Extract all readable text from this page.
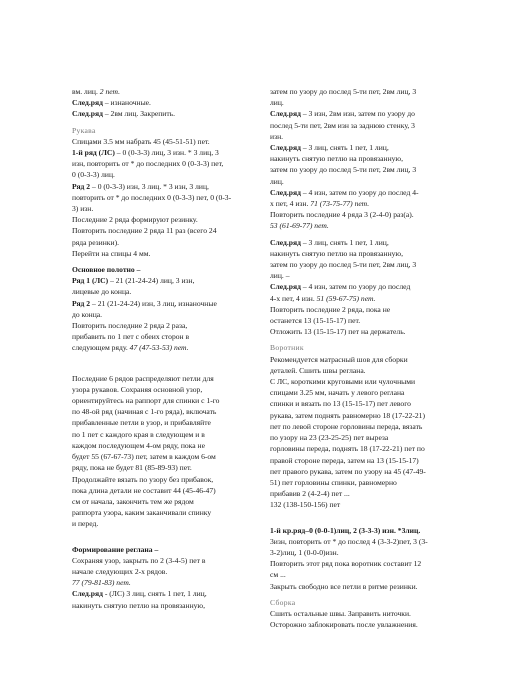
вм. лиц. 2 пет.
След.ряд – изнаночные.
След.ряд – 2вм лиц. Закрепить.
Рукава
Спицами 3.5 мм набрать 45 (45-51-51) пет.
1-й ряд (ЛС) – 0 (0-3-3) лиц, 3 изн. * 3 лиц, 3
изн, повторить от * до последних 0 (0-3-3) пет,
0 (0-3-3) лиц.
Ряд 2 – 0 (0-3-3) изн, 3 лиц. * 3 изн, 3 лиц,
повторить от * до последних 0 (0-3-3) пет, 0 (0-3-
3) изн.
Последние 2 ряда формируют резинку.
Повторить последние 2 ряда 11 раз (всего 24
ряда резинки).
Перейти на спицы 4 мм.
Основное полотно –
Ряд 1 (ЛС) – 21 (21-24-24) лиц, 3 изн,
лицевые до конца.
Ряд 2 – 21 (21-24-24) изн, 3 лиц, изнаночные
до конца.
Повторить последние 2 ряда 2 раза,
прибавить по 1 пет с обеих сторон в
следующем ряду. 47 (47-53-53) пет.
Последние 6 рядов распределяют петли для
узора рукавов. Сохраняя основной узор,
ориентируйтесь на раппорт для спинки с 1-го
по 48-ой ряд (начиная с 1-го ряда), включать
прибавленные петли в узор, и прибавляйте
по 1 пет с каждого края в следующем и в
каждом последующем 4-ом ряду, пока не
будет 55 (67-67-73) пет, затем в каждом 6-ом
ряду, пока не будет 81 (85-89-93) пет.
Продолжайте вязать по узору без прибавок,
пока длина детали не составит 44 (45-46-47)
см от начала, закончить тем же рядом
раппорта узора, каким заканчивали спинку
и перед.
Формирование реглана –
Сохраняя узор, закрыть по 2 (3-4-5) пет в
начале следующих 2-х рядов.
77 (79-81-83) пет.
След.ряд - (ЛС) 3 лиц, снять 1 пет, 1 лиц,
накинуть снятую петлю на провязанную,
затем по узору до послед 5-ти пет, 2вм лиц, 3
лиц.
След.ряд – 3 изн, 2вм изн, затем по узору до
послед 5-ти пет, 2вм изн за заднюю стенку, 3
изн.
След.ряд – 3 лиц, снять 1 пет, 1 лиц,
накинуть снятую петлю на провязанную,
затем по узору до послед 5-ти пет, 2вм лиц, 3
лиц.
След.ряд – 4 изн, затем по узору до послед 4-
х пет, 4 изн. 71 (73-75-77) пет.
Повторить последние 4 ряда 3 (2-4-0) раз(а).
53 (61-69-77) пет.
След.ряд – 3 лиц, снять 1 пет, 1 лиц,
накинуть снятую петлю на провязанную,
затем по узору до послед 5-ти пет, 2вм лиц, 3
лиц. –
След.ряд – 4 изн, затем по узору до послед
4-х пет, 4 изн. 51 (59-67-75) пет.
Повторить последние 2 ряда, пока не
останется 13 (15-15-17) пет.
Отложить 13 (15-15-17) пет на держатель.
Воротник
Рекомендуется матрасный шов для сборки
деталей. Сшить швы реглана.
С ЛС, короткими круговыми или чулочными
спицами 3.25 мм, начать у левого реглана
спинки и вязать по 13 (15-15-17) пет левого
рукава, затем поднять равномерно 18 (17-22-21)
пет по левой стороне горловины переда, вязать
по узору на 23 (23-25-25) пет выреза
горловины переда, поднять 18 (17-22-21) пет по
правой стороне переда, затем на 13 (15-15-17)
пет правого рукава, затем по узору на 45 (47-49-
51) пет горловины спинки, равномерно
прибавив 2 (4-2-4) пет ...
132 (138-150-156) пет
1-й кр.ряд–0 (0-0-1)лиц, 2 (3-3-3) изн. *3лиц.
3изн, повторить от * до послед 4 (3-3-2)пет, 3 (3-
3-2)лиц, 1 (0-0-0)изн.
Повторить этот ряд пока воротник составит 12
см ...
Закрыть свободно все петли в ритме резинки.
Сборка
Сшить остальные швы. Заправить ниточки.
Осторожно заблокировать после увлажнения.
